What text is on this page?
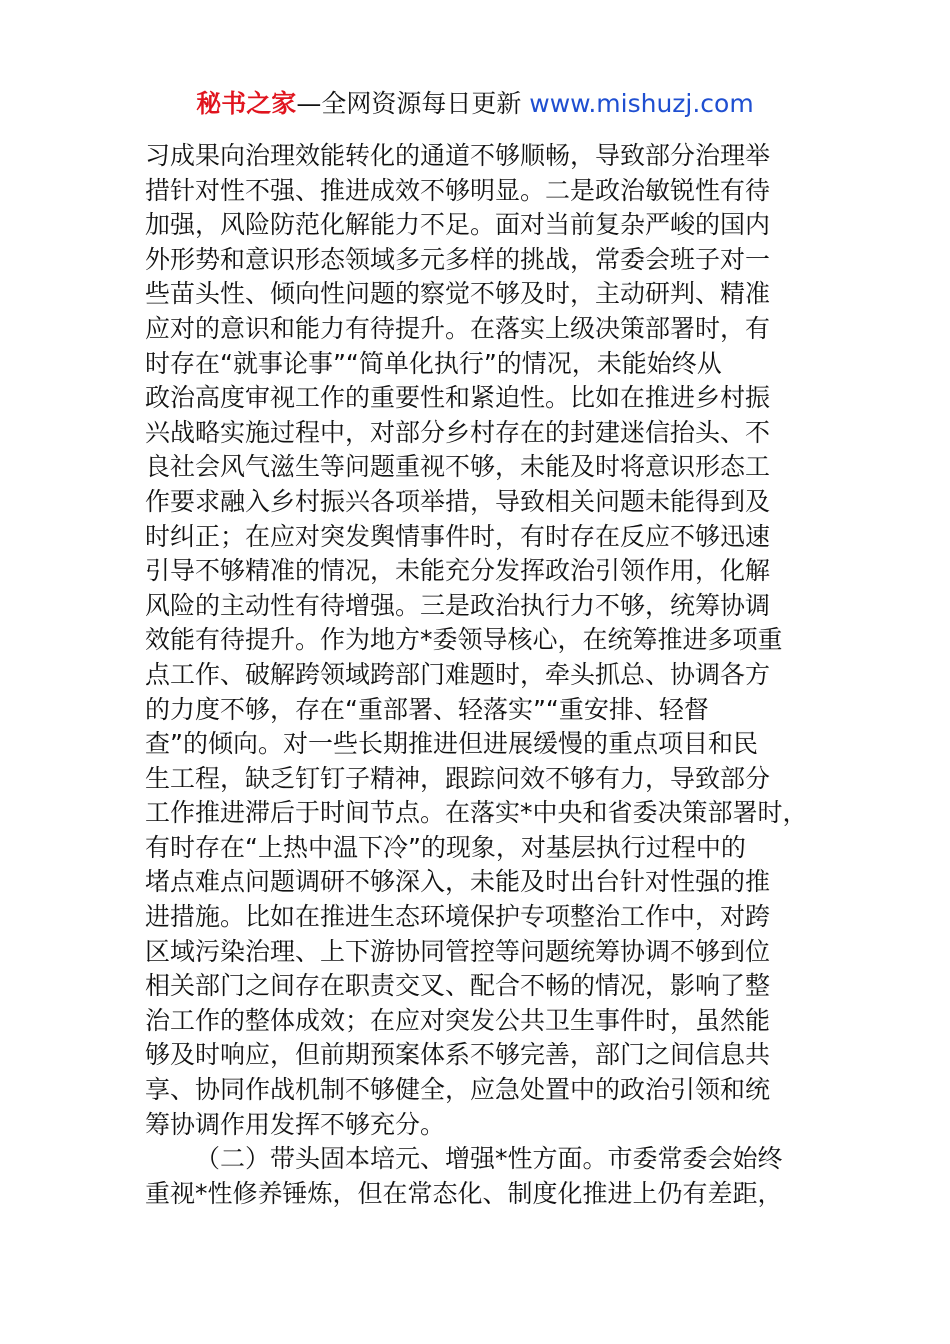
秘书之家—全网资源每日更新 www.mishuzj.com
习成果向治理效能转化的通道不够顺畅，导致部分治理举
措针对性不强、推进成效不够明显。二是政治敏锐性有待
加强，风险防范化解能力不足。面对当前复杂严峻的国内
外形势和意识形态领域多元多样的挑战，常委会班子对一
些苗头性、倾向性问题的察觉不够及时，主动研判、精准
应对的意识和能力有待提升。在落实上级决策部署时，有
时存在“就事论事”“简单化执行”的情况，未能始终从
政治高度审视工作的重要性和紧迫性。比如在推进乡村振
兴战略实施过程中，对部分乡村存在的封建迷信抬头、不
良社会风气滋生等问题重视不够，未能及时将意识形态工
作要求融入乡村振兴各项举措，导致相关问题未能得到及
时纠正；在应对突发舆情事件时，有时存在反应不够迅速
引导不够精准的情况，未能充分发挥政治引领作用，化解
风险的主动性有待增强。三是政治执行力不够，统筹协调
效能有待提升。作为地方*委领导核心，在统筹推进多项重
点工作、破解跨领域跨部门难题时，牵头抓总、协调各方
的力度不够，存在“重部署、轻落实”“重安排、轻督
查”的倾向。对一些长期推进但进展缓慢的重点项目和民
生工程，缺乏钉钉子精神，跟踪问效不够有力，导致部分
工作推进滞后于时间节点。在落实*中央和省委决策部署时，
有时存在“上热中温下冷”的现象，对基层执行过程中的
堵点难点问题调研不够深入，未能及时出台针对性强的推
进措施。比如在推进生态环境保护专项整治工作中，对跨
区域污染治理、上下游协同管控等问题统筹协调不够到位
相关部门之间存在职责交叉、配合不畅的情况，影响了整
治工作的整体成效；在应对突发公共卫生事件时，虽然能
够及时响应，但前期预案体系不够完善，部门之间信息共
享、协同作战机制不够健全，应急处置中的政治引领和统
筹协调作用发挥不够充分。
（二）带头固本培元、增强*性方面。市委常委会始终
重视*性修养锤炼，但在常态化、制度化推进上仍有差距，
